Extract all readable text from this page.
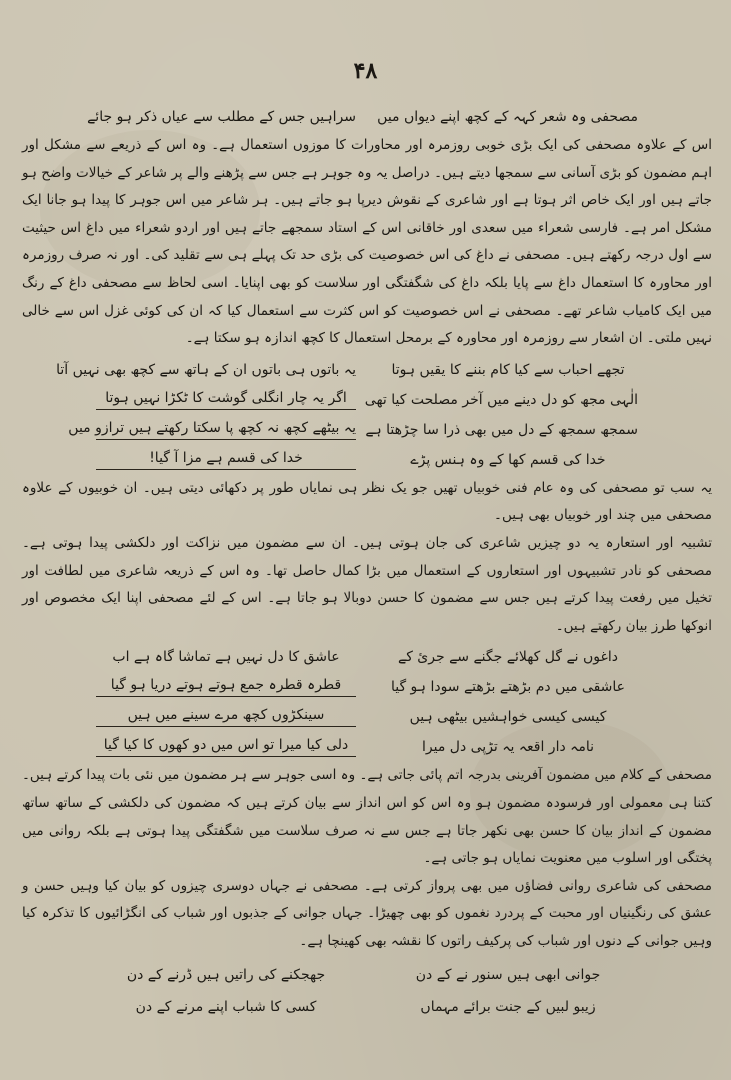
۴۸
مصحفی وہ شعر کہہ کے کچھ اپنے دیواں میں
سراہیں جس کے مطلب سے عیاں ذکر ہو جائے

اس کے علاوہ مصحفی کی ایک بڑی خوبی روزمرہ اور محاورات کا موزوں استعمال ہے۔ وہ اس کے ذریعے سے مشکل اور اہم مضمون کو بڑی آسانی سے سمجھا دیتے ہیں۔ دراصل یہ وہ جوہر ہے جس سے پڑھنے والے پر شاعر کے خیالات واضح ہو جاتے ہیں اور ایک خاص اثر ہوتا ہے اور شاعری کے نقوش دیرپا ہو جاتے ہیں۔ ہر شاعر میں اس جوہر کا پیدا ہو جانا ایک مشکل امر ہے۔ فارسی شعراء میں سعدی اور خاقانی اس کے استاد سمجھے جاتے ہیں اور اردو شعراء میں داغ اس حیثیت سے اول درجہ رکھتے ہیں۔ مصحفی نے داغ کی اس خصوصیت کی بڑی حد تک پہلے ہی سے تقلید کی۔ اور نہ صرف روزمرہ اور محاورہ کا استعمال داغ سے پایا بلکہ داغ کی شگفتگی اور سلاست کو بھی اپنایا۔ اسی لحاظ سے مصحفی داغ کے رنگ میں ایک کامیاب شاعر تھے۔ مصحفی نے اس خصوصیت کو اس کثرت سے استعمال کیا کہ ان کی کوئی غزل اس سے خالی نہیں ملتی۔ ان اشعار سے روزمرہ اور محاورہ کے برمحل استعمال کا کچھ اندازہ ہو سکتا ہے۔

تجھے احباب سے کیا کام بننے کا یقیں ہوتا
یہ باتوں ہی باتوں ان کے ہاتھ سے کچھ بھی نہیں آتا
الٰہی مجھ کو دل دینے میں آخر مصلحت کیا تھی
اگر یہ چار انگلی گوشت کا ٹکڑا نہیں ہوتا
سمجھ سمجھ کے دل میں بھی ذرا سا چڑھتا ہے
یہ بیٹھے کچھ نہ کچھ پا سکتا رکھتے ہیں ترازو میں
خدا کی قسم کھا کے وہ ہنس پڑے
خدا کی قسم ہے مزا آ گیا!

یہ سب تو مصحفی کی وہ عام فنی خوبیاں تھیں جو یک نظر ہی نمایاں طور پر دکھائی دیتی ہیں۔ ان خوبیوں کے علاوہ مصحفی میں چند اور خوبیاں بھی ہیں۔

تشبیہ اور استعارہ یہ دو چیزیں شاعری کی جان ہوتی ہیں۔ ان سے مضمون میں نزاکت اور دلکشی پیدا ہوتی ہے۔ مصحفی کو نادر تشبیہوں اور استعاروں کے استعمال میں بڑا کمال حاصل تھا۔ وہ اس کے ذریعہ شاعری میں لطافت اور تخیل میں رفعت پیدا کرتے ہیں جس سے مضمون کا حسن دوبالا ہو جاتا ہے۔ اس کے لئے مصحفی اپنا ایک مخصوص اور انوکھا طرز بیان رکھتے ہیں۔

داغوں نے گل کھلائے جگنے سے جرئ کے
عاشق کا دل نہیں ہے تماشا گاہ ہے اب
عاشقی میں دم بڑھتے بڑھتے سودا ہو گیا
قطرہ قطرہ جمع ہوتے ہوتے دریا ہو گیا
کیسی کیسی خواہشیں بیٹھی ہیں
سینکڑوں کچھ مرے سینے میں ہیں
نامہ دار اقعہ یہ تڑپی دل میرا
دلی کیا میرا تو اس میں دو کھوں کا کیا گیا

مصحفی کے کلام میں مضمون آفرینی بدرجہ اتم پائی جاتی ہے۔ وہ اسی جوہر سے ہر مضمون میں نئی بات پیدا کرتے ہیں۔ کتنا ہی معمولی اور فرسودہ مضمون ہو وہ اس کو اس انداز سے بیان کرتے ہیں کہ مضمون کی دلکشی کے ساتھ ساتھ مضمون کے انداز بیان کا حسن بھی نکھر جاتا ہے جس سے نہ صرف سلاست میں شگفتگی پیدا ہوتی ہے بلکہ روانی میں پختگی اور اسلوب میں معنویت نمایاں ہو جاتی ہے۔

مصحفی کی شاعری روانی فضاؤں میں بھی پرواز کرتی ہے۔ مصحفی نے جہاں دوسری چیزوں کو بیان کیا وہیں حسن و عشق کی رنگینیاں اور محبت کے پردرد نغموں کو بھی چھیڑا۔ جہاں جوانی کے جذبوں اور شباب کی انگڑائیوں کا تذکرہ کیا وہیں جوانی کے دنوں اور شباب کی پرکیف راتوں کا نقشہ بھی کھینچا ہے۔

جوانی ابھی ہیں سنور نے کے دن
جھجکنے کی راتیں ہیں ڈرنے کے دن
زیبو لبیں کے جنت برائے مہماں
کسی کا شباب اپنے مرنے کے دن
